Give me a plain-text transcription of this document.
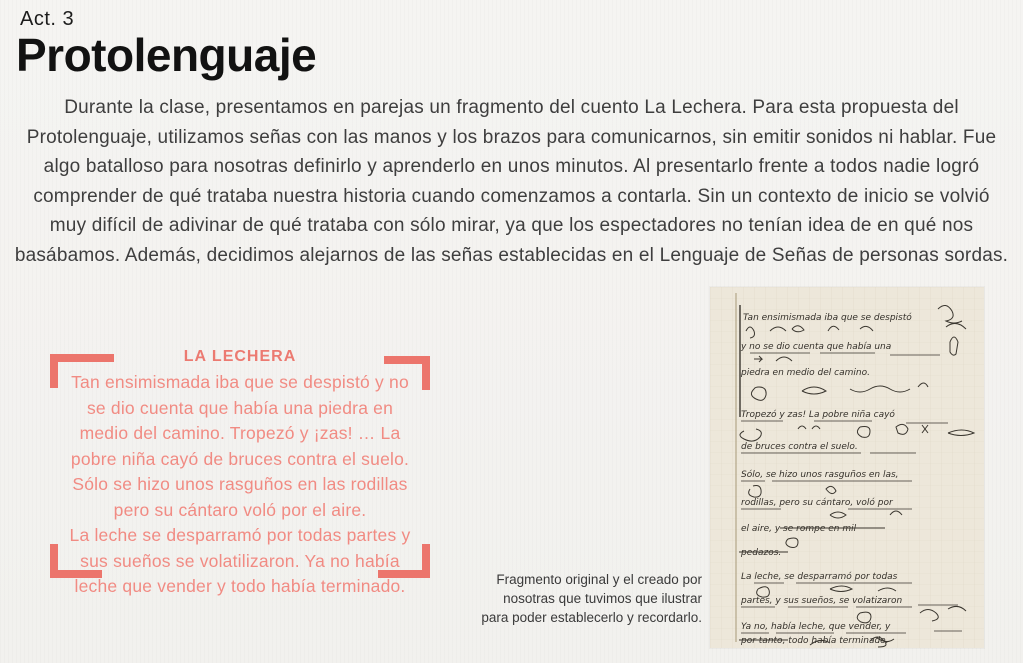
Act. 3
Protolenguaje

Durante la clase, presentamos en parejas un fragmento del cuento La Lechera. Para esta propuesta del Protolenguaje, utilizamos señas con las manos y los brazos para comunicarnos, sin emitir sonidos ni hablar. Fue algo batalloso para nosotras definirlo y aprenderlo en unos minutos. Al presentarlo frente a todos nadie logró comprender de qué trataba nuestra historia cuando comenzamos a contarla. Sin un contexto de inicio se volvió muy difícil de adivinar de qué trataba con sólo mirar, ya que los espectadores no tenían idea de en qué nos basábamos. Además, decidimos alejarnos de las señas establecidas en el Lenguaje de Señas de personas sordas.

LA LECHERA
Tan ensimismada iba que se despistó y no se dio cuenta que había una piedra en medio del camino. Tropezó y ¡zas! … La pobre niña cayó de bruces contra el suelo. Sólo se hizo unos rasguños en las rodillas pero su cántaro voló por el aire.
La leche se desparramó por todas partes y sus sueños se volatilizaron. Ya no había leche que vender y todo había terminado.	Fragmento original y el creado por nosotras que tuvimos que ilustrar para poder establecerlo y recordarlo.
Tan ensimismada iba que se despistó
y no se dio cuenta que había una
piedra en medio del camino.
Tropezó y zas! La pobre niña cayó
de bruces contra el suelo.
Sólo, se hizo unos rasguños en las,
rodillas, pero su cántaro, voló por
el aire, y se rompe en mil
pedazos.
La leche, se desparramó por todas
partes, y sus sueños, se volatizaron
Ya no, había leche, que vender, y
por tanto, todo había terminado.
